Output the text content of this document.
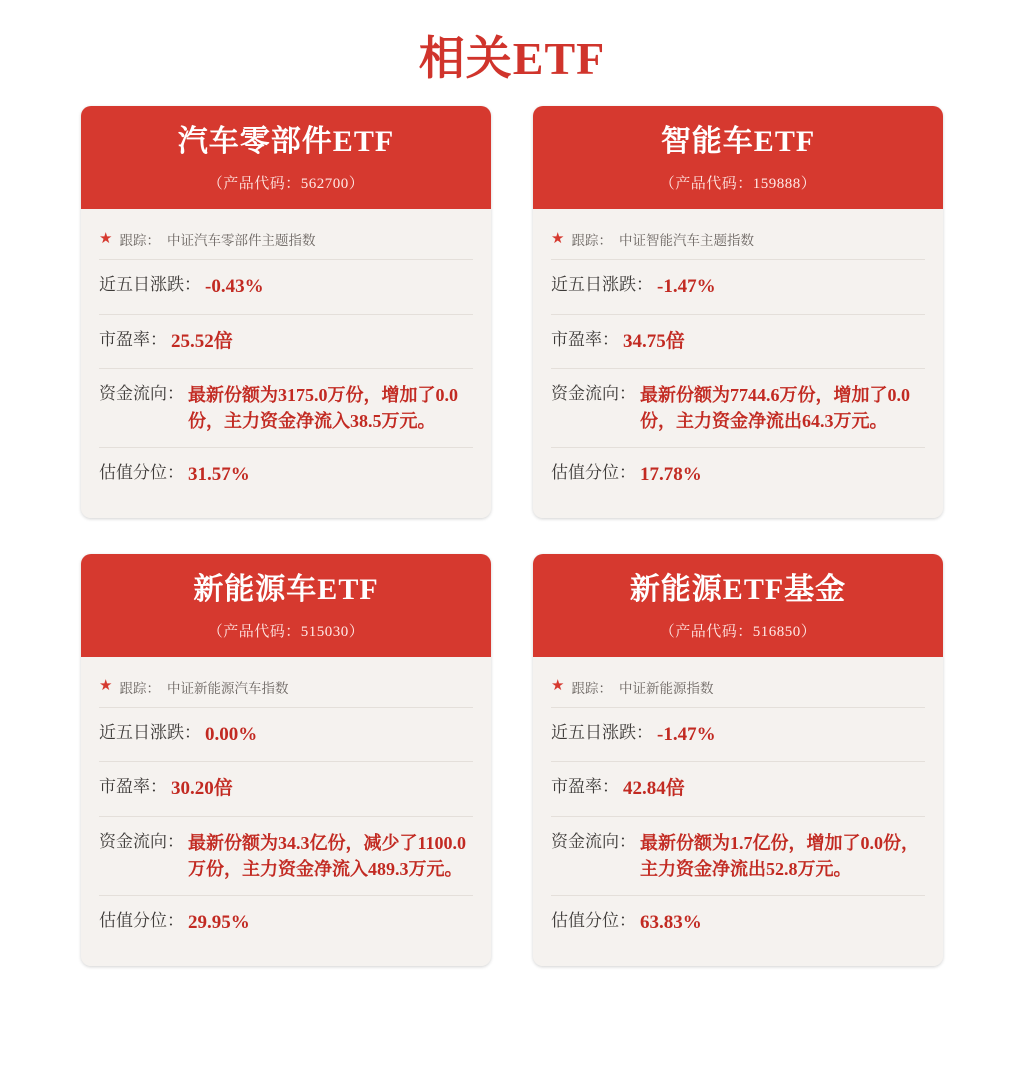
相关ETF
汽车零部件ETF
（产品代码：562700）
★ 跟踪： 中证汽车零部件主题指数
近五日涨跌： -0.43%
市盈率： 25.52倍
资金流向： 最新份额为3175.0万份，增加了0.0份，主力资金净流入38.5万元。
估值分位： 31.57%
智能车ETF
（产品代码：159888）
★ 跟踪： 中证智能汽车主题指数
近五日涨跌： -1.47%
市盈率： 34.75倍
资金流向： 最新份额为7744.6万份，增加了0.0份，主力资金净流出64.3万元。
估值分位： 17.78%
新能源车ETF
（产品代码：515030）
★ 跟踪： 中证新能源汽车指数
近五日涨跌： 0.00%
市盈率： 30.20倍
资金流向： 最新份额为34.3亿份，减少了1100.0万份，主力资金净流入489.3万元。
估值分位： 29.95%
新能源ETF基金
（产品代码：516850）
★ 跟踪： 中证新能源指数
近五日涨跌： -1.47%
市盈率： 42.84倍
资金流向： 最新份额为1.7亿份，增加了0.0份，主力资金净流出52.8万元。
估值分位： 63.83%
